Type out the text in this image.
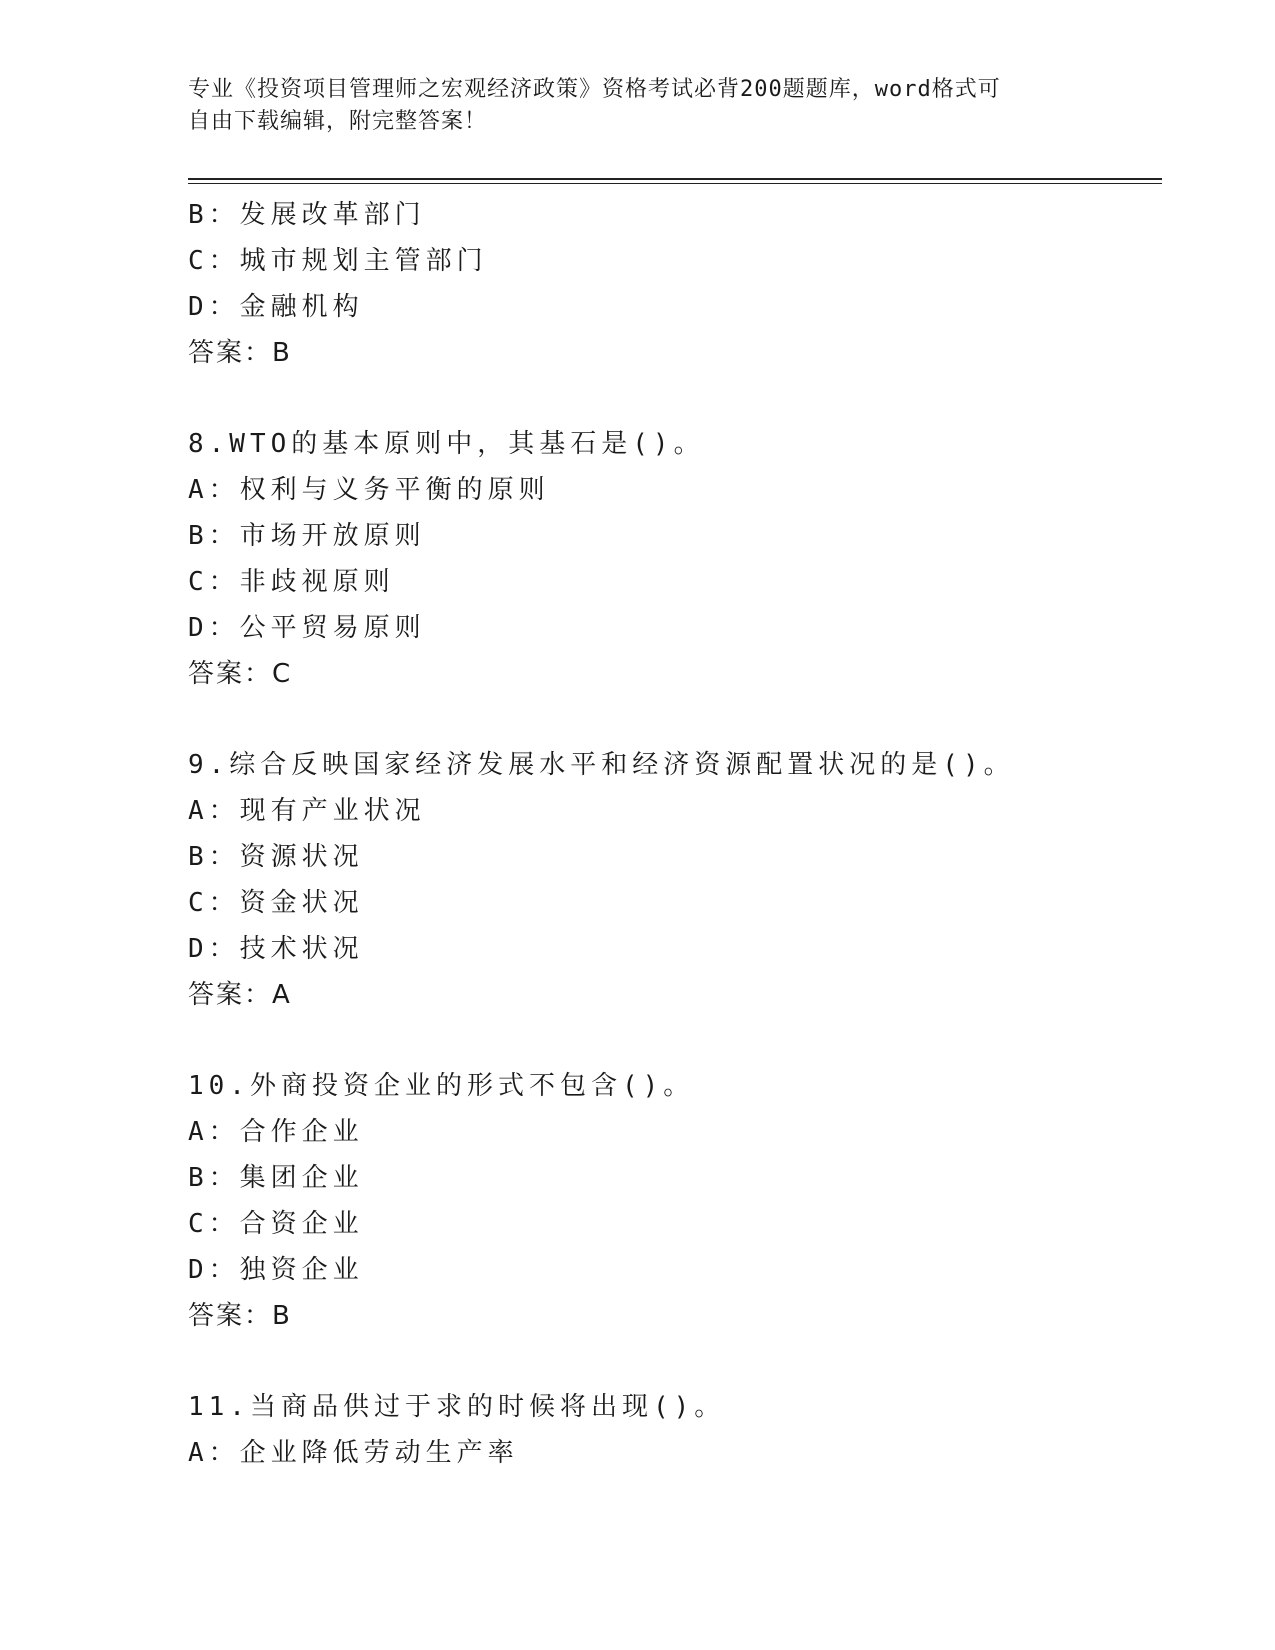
专业《投资项目管理师之宏观经济政策》资格考试必背200题题库，word格式可
自由下载编辑，附完整答案！
B：发展改革部门
C：城市规划主管部门
D：金融机构
答案：B
8.WTO的基本原则中，其基石是()。
A：权利与义务平衡的原则
B：市场开放原则
C：非歧视原则
D：公平贸易原则
答案：C
9.综合反映国家经济发展水平和经济资源配置状况的是()。
A：现有产业状况
B：资源状况
C：资金状况
D：技术状况
答案：A
10.外商投资企业的形式不包含()。
A：合作企业
B：集团企业
C：合资企业
D：独资企业
答案：B
11.当商品供过于求的时候将出现()。
A：企业降低劳动生产率
